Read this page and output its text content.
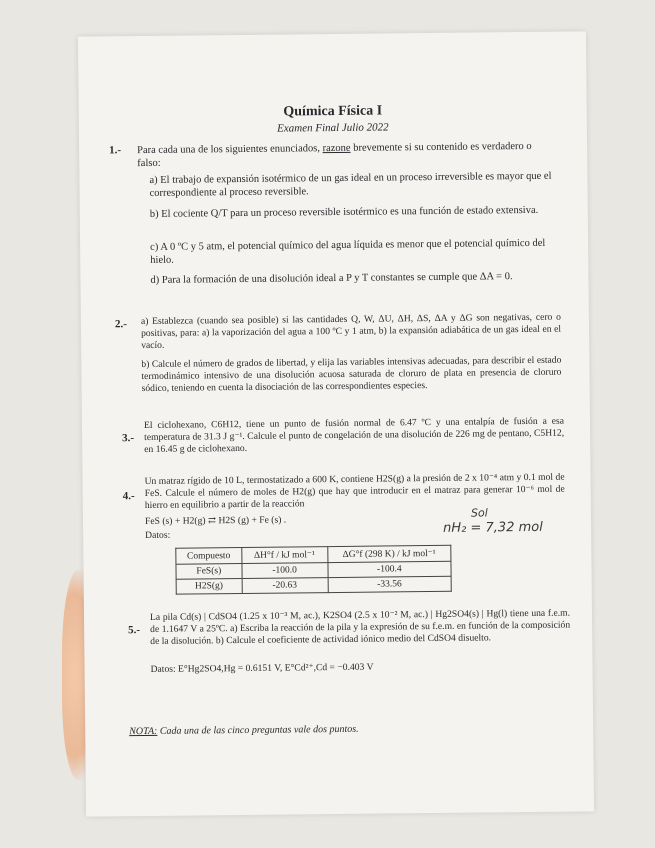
Química Física I
Examen Final Julio 2022
1.- Para cada una de los siguientes enunciados, razone brevemente si su contenido es verdadero o falso:
a) El trabajo de expansión isotérmico de un gas ideal en un proceso irreversible es mayor que el correspondiente al proceso reversible.
b) El cociente Q/T para un proceso reversible isotérmico es una función de estado extensiva.
c) A 0 ºC y 5 atm, el potencial químico del agua líquida es menor que el potencial químico del hielo.
d) Para la formación de una disolución ideal a P y T constantes se cumple que ΔA = 0.
2.- a) Establezca (cuando sea posible) si las cantidades Q, W, ΔU, ΔH, ΔS, ΔA y ΔG son negativas, cero o positivas, para: a) la vaporización del agua a 100 ºC y 1 atm, b) la expansión adiabática de un gas ideal en el vacío.
b) Calcule el número de grados de libertad, y elija las variables intensivas adecuadas, para describir el estado termodinámico intensivo de una disolución acuosa saturada de cloruro de plata en presencia de cloruro sódico, teniendo en cuenta la disociación de las correspondientes especies.
3.-
El ciclohexano, C6H12, tiene un punto de fusión normal de 6.47 ºC y una entalpía de fusión a esa temperatura de 31.3 J g⁻¹. Calcule el punto de congelación de una disolución de 226 mg de pentano, C5H12, en 16.45 g de ciclohexano.
4.-
Un matraz rígido de 10 L, termostatizado a 600 K, contiene H2S(g) a la presión de 2 x 10⁻⁴ atm y 0.1 mol de FeS. Calcule el número de moles de H2(g) que hay que introducir en el matraz para generar 10⁻⁶ mol de hierro en equilibrio a partir de la reacción
FeS (s) + H2(g) ⇄ H2S (g) + Fe (s) .
Datos:
Sol
nH₂ = 7,32 mol
Compuesto	ΔH°f / kJ mol⁻¹	ΔG°f (298 K) / kJ mol⁻¹
FeS(s)	-100.0	-100.4
H2S(g)	-20.63	-33.56
5.-
La pila Cd(s) | CdSO4 (1.25 x 10⁻³ M, ac.), K2SO4 (2.5 x 10⁻² M, ac.) | Hg2SO4(s) | Hg(l) tiene una f.e.m. de 1.1647 V a 25ºC. a) Escriba la reacción de la pila y la expresión de su f.e.m. en función de la composición de la disolución. b) Calcule el coeficiente de actividad iónico medio del CdSO4 disuelto.
Datos: E°Hg2SO4,Hg = 0.6151 V, E°Cd²⁺,Cd = −0.403 V
NOTA: Cada una de las cinco preguntas vale dos puntos.
